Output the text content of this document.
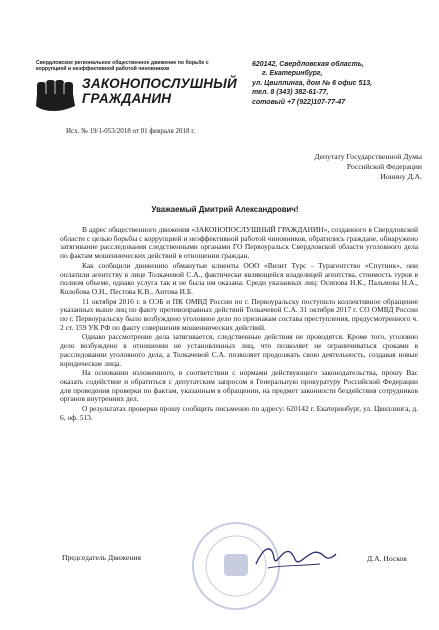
Свердловское региональное общественное движение по борьбе с коррупцией и неэффективной работой чиновников
ЗАКОНОПОСЛУШНЫЙ
ГРАЖДАНИН
620142, Свердловская область,
г. Екатеринбург,
ул. Цвиллинга, дом № 6 офис 513,
тел. 8 (343) 382-61-77,
сотовый +7 (922)107-77-47
Исх. № 19/1-053/2018 от 01 февраля 2018 г.
Депутату Государственной Думы
Российской Федерации
Ионину Д.А.
Уважаемый Дмитрий Александрович!

В адрес общественного движения «ЗАКОНОПОСЛУШНЫЙ ГРАЖДАНИН», созданного в Свердловской области с целью борьбы с коррупцией и неэффективной работой чиновников, обратились граждане, обнаружено затягивание расследования следственными органами ГО Первоуральск Свердловской области уголовного дела по фактам мошеннических действий в отношении граждан.

Как сообщили движению обманутые клиенты ООО «Визит Турс - Турагентство «Спутник», они оплатили агентству в лице Толкачевой С.А., фактически являющейся владелицей агентства, стоимость туров в полном объеме, однако услуга так и не была им оказана. Среди указанных лиц: Осипова Н.К., Пальмова Н.А., Колобова О.Н., Пестова К.В., Аитова И.Б.

11 октября 2016 г. в ОЭБ и ПК ОМВД России по г. Первоуральску поступило коллективное обращение указанных выше лиц по факту противоправных действий Толкачевой С.А. 31 октября 2017 г. СО ОМВД России по г. Первоуральску было возбуждено уголовное дело по признакам состава преступления, предусмотренного ч. 2 ст. 159 УК РФ по факту совершения мошеннических действий.

Однако рассмотрение дела затягивается, следственные действия не проводятся. Кроме того, уголовно дело возбуждено в отношении не установленных лиц, что позволяет не ограничиваться сроками в расследовании уголовного дела, а Толкачевой С.А. позволяет продолжать свою деятельность, создавая новые юридические лица.

На основании изложенного, в соответствии с нормами действующего законодательства, прошу Вас оказать содействие и обратиться с депутатским запросом в Генеральную прокуратуру Российской Федерации для проведения проверки по фактам, указанным в обращении, на предмет законности бездействия сотрудников органов внутренних дел.

О результатах проверки прошу сообщить письменно по адресу: 620142 г. Екатеринбург, ул. Цвиллинга, д. 6, оф. 513.

Председатель Движения	Д.А. Носков
